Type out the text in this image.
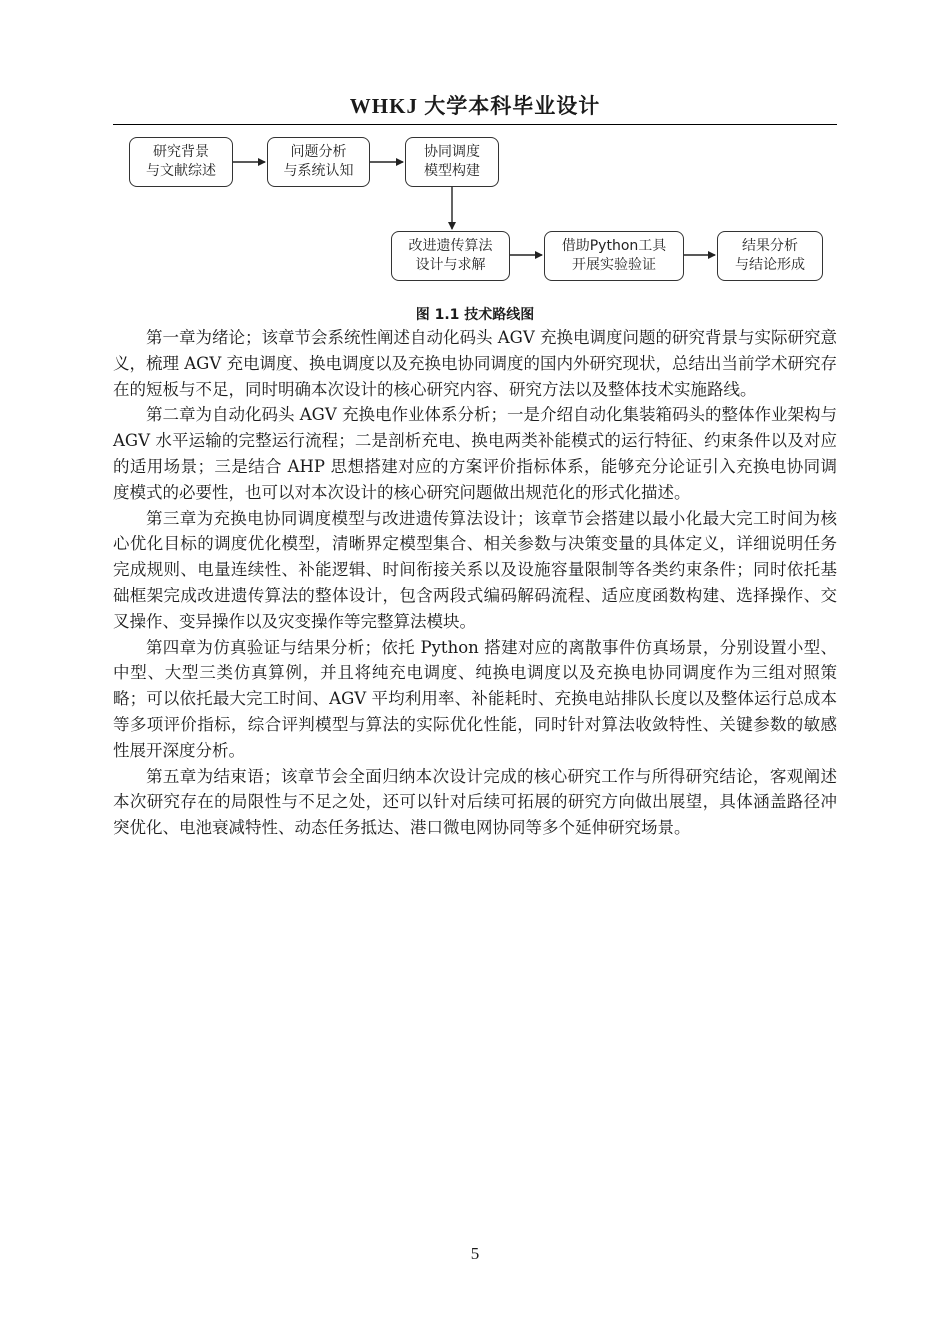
WHKJ 大学本科毕业设计
研究背景
与文献综述
问题分析
与系统认知
协同调度
模型构建
改进遗传算法
设计与求解
借助Python工具
开展实验验证
结果分析
与结论形成
图 1.1 技术路线图

第一章为绪论；该章节会系统性阐述自动化码头 AGV 充换电调度问题的研究背景与实际研究意义，梳理 AGV 充电调度、换电调度以及充换电协同调度的国内外研究现状，总结出当前学术研究存在的短板与不足，同时明确本次设计的核心研究内容、研究方法以及整体技术实施路线。

第二章为自动化码头 AGV 充换电作业体系分析；一是介绍自动化集装箱码头的整体作业架构与 AGV 水平运输的完整运行流程；二是剖析充电、换电两类补能模式的运行特征、约束条件以及对应的适用场景；三是结合 AHP 思想搭建对应的方案评价指标体系，能够充分论证引入充换电协同调度模式的必要性，也可以对本次设计的核心研究问题做出规范化的形式化描述。

第三章为充换电协同调度模型与改进遗传算法设计；该章节会搭建以最小化最大完工时间为核心优化目标的调度优化模型，清晰界定模型集合、相关参数与决策变量的具体定义，详细说明任务完成规则、电量连续性、补能逻辑、时间衔接关系以及设施容量限制等各类约束条件；同时依托基础框架完成改进遗传算法的整体设计，包含两段式编码解码流程、适应度函数构建、选择操作、交叉操作、变异操作以及灾变操作等完整算法模块。

第四章为仿真验证与结果分析；依托 Python 搭建对应的离散事件仿真场景，分别设置小型、中型、大型三类仿真算例，并且将纯充电调度、纯换电调度以及充换电协同调度作为三组对照策略；可以依托最大完工时间、AGV 平均利用率、补能耗时、充换电站排队长度以及整体运行总成本等多项评价指标，综合评判模型与算法的实际优化性能，同时针对算法收敛特性、关键参数的敏感性展开深度分析。

第五章为结束语；该章节会全面归纳本次设计完成的核心研究工作与所得研究结论，客观阐述本次研究存在的局限性与不足之处，还可以针对后续可拓展的研究方向做出展望，具体涵盖路径冲突优化、电池衰减特性、动态任务抵达、港口微电网协同等多个延伸研究场景。

5
